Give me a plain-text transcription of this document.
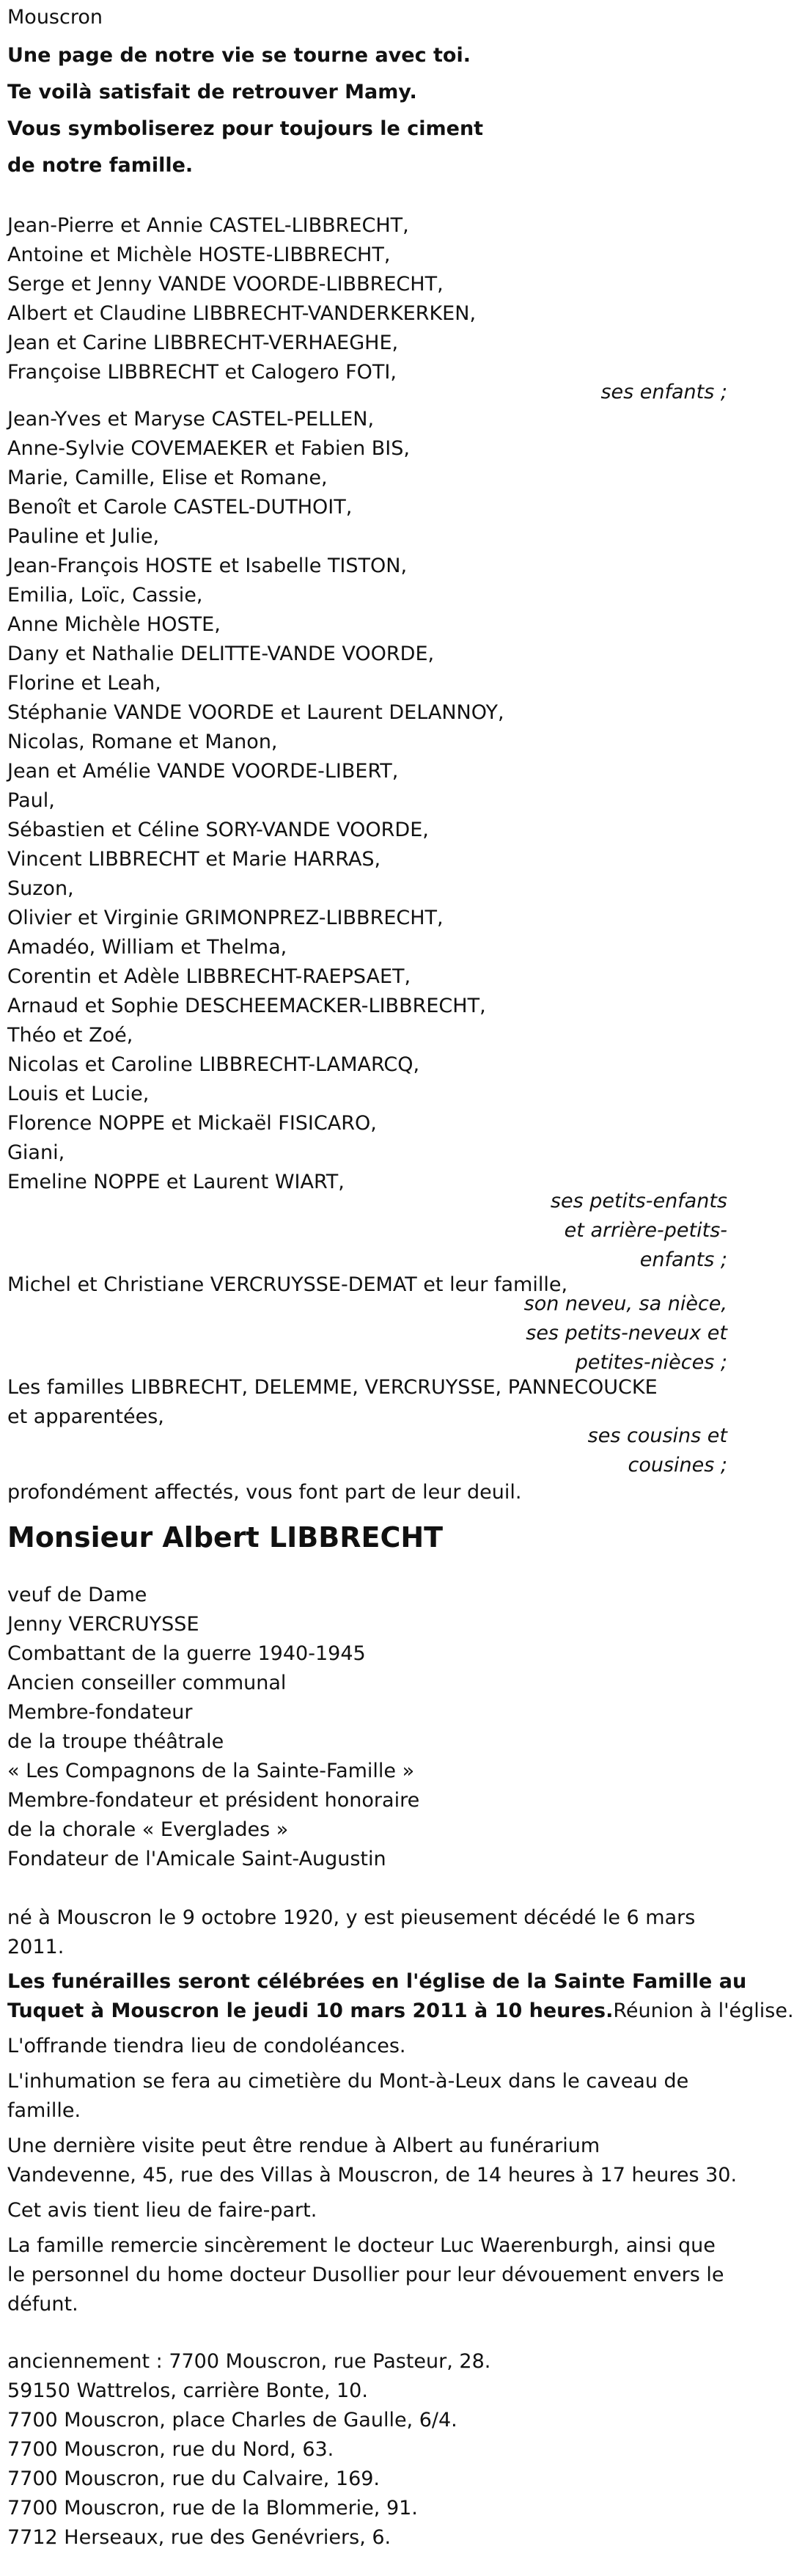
Mouscron
Une page de notre vie se tourne avec toi.
Te voilà satisfait de retrouver Mamy.
Vous symboliserez pour toujours le ciment
de notre famille.
Jean-Pierre et Annie CASTEL-LIBBRECHT,
Antoine et Michèle HOSTE-LIBBRECHT,
Serge et Jenny VANDE VOORDE-LIBBRECHT,
Albert et Claudine LIBBRECHT-VANDERKERKEN,
Jean et Carine LIBBRECHT-VERHAEGHE,
Françoise LIBBRECHT et Calogero FOTI,
ses enfants ;
Jean-Yves et Maryse CASTEL-PELLEN,
Anne-Sylvie COVEMAEKER et Fabien BIS,
Marie, Camille, Elise et Romane,
Benoît et Carole CASTEL-DUTHOIT,
Pauline et Julie,
Jean-François HOSTE et Isabelle TISTON,
Emilia, Loïc, Cassie,
Anne Michèle HOSTE,
Dany et Nathalie DELITTE-VANDE VOORDE,
Florine et Leah,
Stéphanie VANDE VOORDE et Laurent DELANNOY,
Nicolas, Romane et Manon,
Jean et Amélie VANDE VOORDE-LIBERT,
Paul,
Sébastien et Céline SORY-VANDE VOORDE,
Vincent LIBBRECHT et Marie HARRAS,
Suzon,
Olivier et Virginie GRIMONPREZ-LIBBRECHT,
Amadéo, William et Thelma,
Corentin et Adèle LIBBRECHT-RAEPSAET,
Arnaud et Sophie DESCHEEMACKER-LIBBRECHT,
Théo et Zoé,
Nicolas et Caroline LIBBRECHT-LAMARCQ,
Louis et Lucie,
Florence NOPPE et Mickaël FISICARO,
Giani,
Emeline NOPPE et Laurent WIART,
ses petits-enfants
et arrière-petits-
enfants ;
Michel et Christiane VERCRUYSSE-DEMAT et leur famille,
son neveu, sa nièce,
ses petits-neveux et
petites-nièces ;
Les familles LIBBRECHT, DELEMME, VERCRUYSSE, PANNECOUCKE
et apparentées,
ses cousins et
cousines ;
profondément affectés, vous font part de leur deuil.
Monsieur Albert LIBBRECHT
veuf de Dame
Jenny VERCRUYSSE
Combattant de la guerre 1940-1945
Ancien conseiller communal
Membre-fondateur
de la troupe théâtrale
« Les Compagnons de la Sainte-Famille »
Membre-fondateur et président honoraire
de la chorale « Everglades »
Fondateur de l'Amicale Saint-Augustin
né à Mouscron le 9 octobre 1920, y est pieusement décédé le 6 mars
2011.
Les funérailles seront célébrées en l'église de la Sainte Famille au
Tuquet à Mouscron le jeudi 10 mars 2011 à 10 heures.Réunion à l'église.
L'offrande tiendra lieu de condoléances.
L'inhumation se fera au cimetière du Mont-à-Leux dans le caveau de
famille.
Une dernière visite peut être rendue à Albert au funérarium
Vandevenne, 45, rue des Villas à Mouscron, de 14 heures à 17 heures 30.
Cet avis tient lieu de faire-part.
La famille remercie sincèrement le docteur Luc Waerenburgh, ainsi que
le personnel du home docteur Dusollier pour leur dévouement envers le
défunt.
anciennement : 7700 Mouscron, rue Pasteur, 28.
59150 Wattrelos, carrière Bonte, 10.
7700 Mouscron, place Charles de Gaulle, 6/4.
7700 Mouscron, rue du Nord, 63.
7700 Mouscron, rue du Calvaire, 169.
7700 Mouscron, rue de la Blommerie, 91.
7712 Herseaux, rue des Genévriers, 6.
